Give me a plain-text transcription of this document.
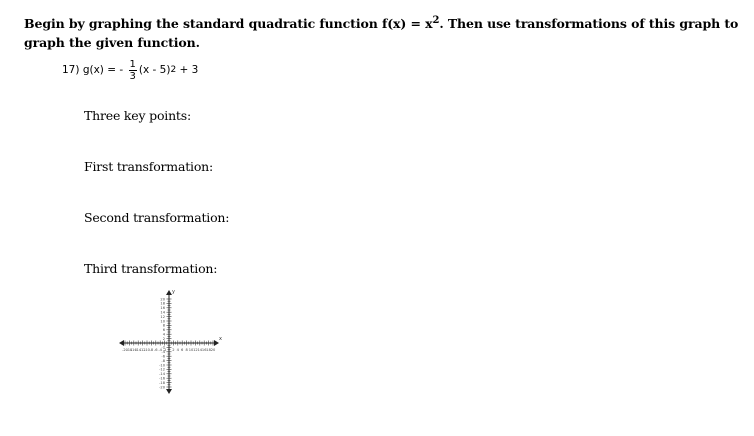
Begin by graphing the standard quadratic function $f(x) = x^2$. Then use transformations of this graph to graph the given function.
17)
g(x)
=
- $\frac{1}{3} (x - 5) 2 + 3$
Three key points:
First transformation:
Second transformation:
Third transformation:
-20
-18
-16
-14
-12
-10 -8 -6 -4 -2 2 4 6 8 10 12 14 16 18 20
20
18
16
14
12
10
8
6
4
2
-2
-4
-6
-8
-10
-12
-14
-16
-18
-20
x
y
